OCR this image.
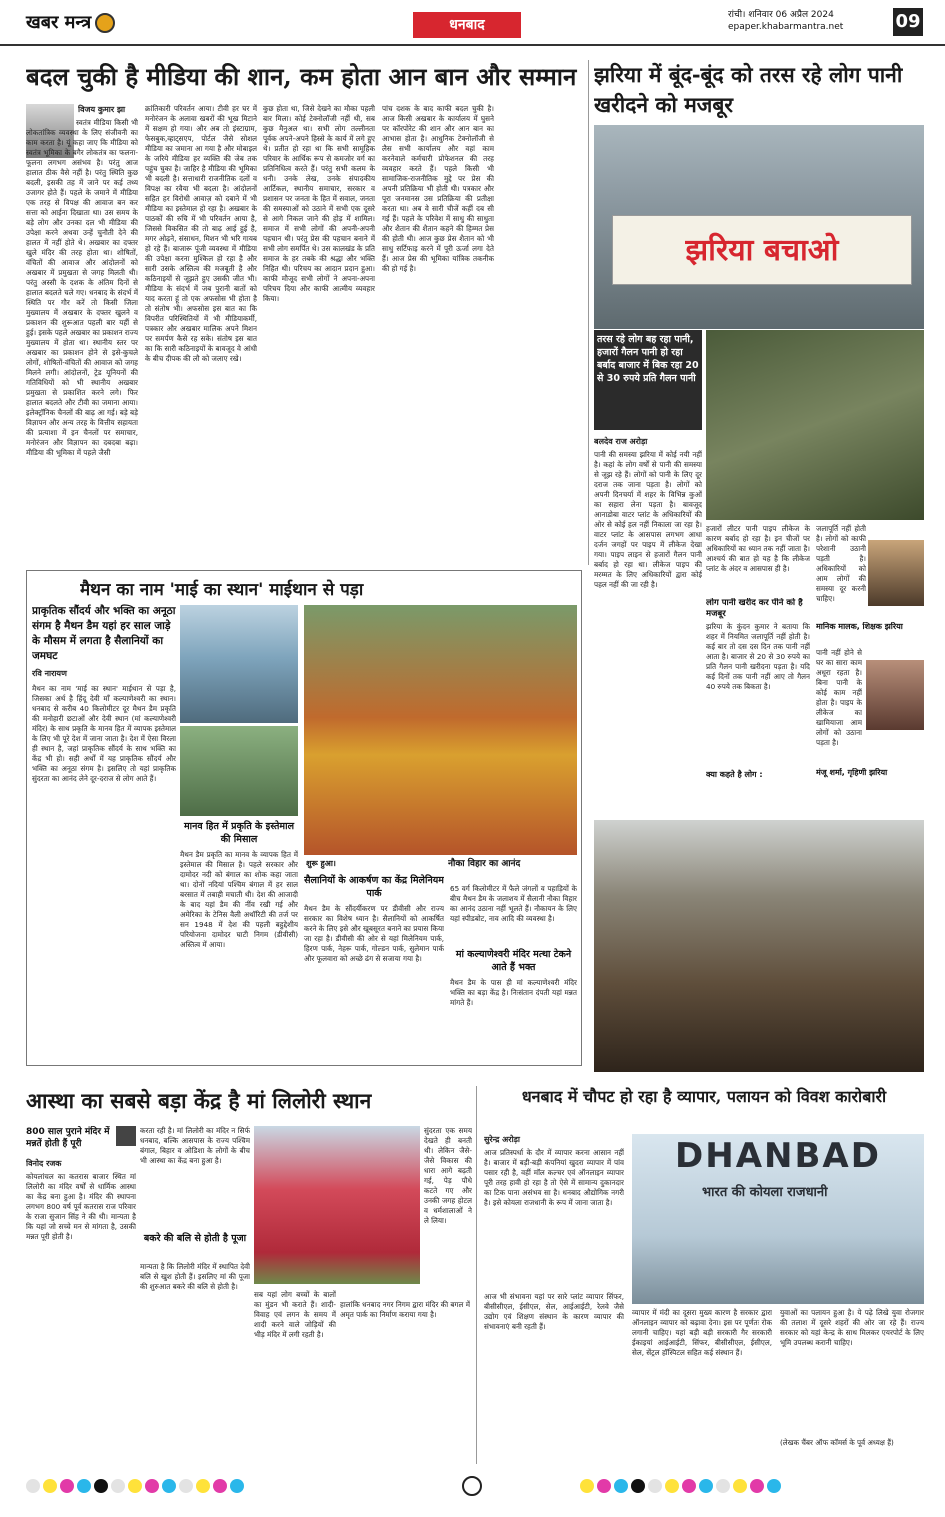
खबर मन्त्र	धनबाद
रांची। शनिवार 06 अप्रैल 2024
epaper.khabarmantra.net	09
बदल चुकी है मीडिया की शान, कम होता आन बान और सम्मान
विजय कुमार झा
स्वतंत्र मीडिया किसी भी लोकतांत्रिक व्यवस्था के लिए संजीवनी का काम करता है। यूं कहा जाए कि मीडिया को स्वतंत्र भूमिका के बगैर लोकतंत्र का फलना-फूलना लगभग असंभव है। परंतु आज हालात ठीक वैसे नहीं है। परंतु स्थिति कुछ बदली, इसकी तह में जाने पर कई तथ्य उजागर होते हैं। पहले के जमाने में मीडिया एक तरह से विपक्ष की आवाज बन कर सत्ता को आईना दिखाता था। उस समय के बड़े लोग और उनका दल भी मीडिया की उपेक्षा करने अथवा उन्हें चुनौती देने की हालत में नहीं होते थे। अखबार का दफ्तर खुले मंदिर की तरह होता था। शोषितों, वंचितों की आवाज और आंदोलनों को अखबार में प्रमुखता से जगह मिलती थी। परंतु अस्सी के दशक के अंतिम दिनों से हालात बदलते चले गए। धनबाद के संदर्भ में स्थिति पर गौर करें तो किसी जिला मुख्यालय में अखबार के दफ्तर खुलने व प्रकाशन की शुरूआत पहली बार यहीं से हुई। इसके पहले अखबार का प्रकाशन राज्य मुख्यालय में होता था। स्थानीय स्तर पर अखबार का प्रकाशन होने से इसे-कुचले लोगों, शोषितों-वंचितों की आवाज को जगह मिलने लगी। आंदोलनों, ट्रेड यूनियनों की गतिविधियों को भी स्थानीय अखबार प्रमुखता से प्रकाशित करने लगे। फिर हालात बदलते और टीवी का जमाना आया। इलेक्ट्रॉनिक चैनलों की बाढ़ आ गई। बड़े बड़े विज्ञापन और अन्य तरह के वित्तीय सहायता की प्रत्याशा में इन चैनलों पर समाचार, मनोरंजन और विज्ञापन का दबदबा बढ़ा। मीडिया की भूमिका में पहले जैसी
क्रांतिकारी परिवर्तन आया। टीवी हर घर में मनोरंजन के अलावा खबरों की भूख मिटाने में सक्षम हो गया। और अब तो इंस्टाग्राम, फेसबुक,व्हाट्सएप, पोर्टल जैसे सोशल मीडिया का जमाना आ गया है और मोबाइल के जरिये मीडिया हर व्यक्ति की जेब तक पहुंच चुका है। जाहिर है मीडिया की भूमिका भी बदली है। सत्ताधारी राजनीतिक दलों व विपक्ष का रवैया भी बदला है। आंदोलनों सहित हर विरोधी आवाज़ को दबाने में भी मीडिया का इस्तेमाल हो रहा है। अखबार के पाठकों की रुचि में भी परिवर्तन आया है, जिससे विकसित की तो बाढ़ आई हुई है, मगर ओढ़ने, संसाधन, मिशन भी भरि गायब हो रहे हैं। बाजारू पूंजी व्यवस्था में मीडिया की उपेक्षा करना मुश्किल हो रहा है और सारी उसके अस्तित्व की मजबूती है और कठिनाइयों से जूझते हुए उसकी जीत भी। मीडिया के संदर्भ में जब पुरानी बातों को याद करता हूं तो एक अफसोस भी होता है तो संतोष भी। अफसोस इस बात का कि विपरीत परिस्थितियों में भी मीडियाकर्मी, पत्रकार और अखबार मालिक अपने मिशन पर समर्पण कैसे रह सके। संतोष इस बात का कि सारी कठिनाइयों के बावजूद वे आंधी के बीच दीपक की लौ को जलाए रखे।
कुछ होता था, जिसे देखने का मौका पहली बार मिला। कोई टेक्नोलॉजी नहीं थी, सब कुछ मैनुअल था। सभी लोग तल्लीनता पूर्वक अपने-अपने हिस्से के कार्य में लगे हुए थे। प्रतीत हो रहा था कि सभी सामूहिक परिवार के आर्थिक रूप से कमजोर वर्ग का प्रतिनिधित्व करते हैं। परंतु सभी कलम के धनी। उनके लेख, उनके संपादकीय आर्टिकल, स्थानीय समाचार, सरकार व प्रशासन पर जनता के हित में सवाल, जनता की समस्याओं को उठाने में सभी एक दूसरे से आगे निकल जाने की होड़ में शामिल। समाज में सभी लोगों की अपनी-अपनी पहचान थी। परंतु प्रेस की पहचान बनाने में सभी लोग समर्पित थे। उस कालखंड के प्रति समाज के हर तबके की श्रद्धा और भक्ति निहित थी। परिचय का आदान प्रदान हुआ। काफी मौजूद सभी लोगों ने अपना-अपना परिचय दिया और काफी आत्मीय व्यवहार किया।
पांच दशक के बाद काफी बदल चुकी है। आज किसी अखबार के कार्यालय में घुसने पर कॉरपोरेट की शान और आन बान का आभास होता है। आधुनिक टेक्नोलॉजी से लैस सभी कार्यालय और वहां काम करनेवाले कर्मचारी प्रोफेशनल की तरह व्यवहार करते हैं। पहले किसी भी सामाजिक-राजनीतिक मुद्दे पर प्रेस की अपनी प्रतिक्रिया भी होती थी। पत्रकार और पूरा जनमानस उस प्रतिक्रिया की प्रतीक्षा करता था। अब वे सारी चीजें कहीं दब सी गई हैं। पहले के परिवेश में साधु की साधुता और शैतान की शैतान कहने की हिम्मत प्रेस की होती थी। आज कुछ प्रेस शैतान को भी साधु सर्टिफाइ करने में पूरी ऊर्जा लगा देते हैं। आज प्रेस की भूमिका यांत्रिक तकनीक की हो गई है।
झरिया में बूंद-बूंद को तरस रहे लोग पानी खरीदने को मजबूर
झरिया बचाओ
तरस रहे लोग बह रहा पानी, हजारों गैलन पानी हो रहा बर्बाद बाजार में बिक रहा 20 से 30 रुपये प्रति गैलन पानी
बलदेव राज अरोड़ा
पानी की समस्या झरिया में कोई नयी नहीं है। कहां के लोग वर्षों से पानी की समस्या से जूझ रहे हैं। लोगों को पानी के लिए दूर दराज तक जाना पड़ता है। लोगों को अपनी दिनचर्या में शहर के विभिन्न कुओं का सहारा लेना पड़ता है। बावजूद आनाडोबा वाटर प्लांट के अधिकारियों की ओर से कोई हल नहीं निकाला जा रहा है। वाटर प्लांट के आसपास लगभग आधा दर्जन जगहों पर पाइप में लीकेज देखा गया। पाइप लाइन से हजारों गैलन पानी बर्बाद हो रहा था। लीकेज पाइप की मरम्मत के लिए अधिकारियों द्वारा कोई पहल नहीं की जा रही है।
हजारों लीटर पानी पाइप लीकेज के कारण बर्बाद हो रहा है। इन चीजों पर अधिकारियों का ध्यान तक नहीं जाता है। आश्चर्य की बात हो यह है कि लीकेज प्लांट के अंदर व आसपास ही है।
लोग पानी खरीद कर पीने को है मजबूर
झरिया के कुंदन कुमार ने बताया कि शहर में नियमित जलापूर्ति नहीं होती है। कई बार तो दस दस दिन तक पानी नहीं आता है। बाजार से 20 से 30 रुपये का प्रति गैलन पानी खरीदना पड़ता है। यदि कई दिनों तक पानी नहीं आए तो गैलन 40 रुपये तक बिकता है।
क्या कहते है लोग :
जलापूर्ति नहीं होती है। लोगों को काफी परेशानी उठानी पड़ती है। अधिकारियों को आम लोगों की समस्या दूर करनी चाहिए।
मानिक मालक, शिक्षक झरिया
पानी नहीं होने से घर का सारा काम अधूरा रहता है। बिना पानी के कोई काम नहीं होता है। पाइप के लीकेज का खामियाजा आम लोगों को उठाना पड़ता है।
मंजू शर्मा, गृहिणी झरिया
मैथन का नाम 'माई का स्थान' माईथान से पड़ा
प्राकृतिक सौंदर्य और भक्ति का अनूठा संगम है मैथन डैम यहां हर साल जाड़े के मौसम में लगता है सैलानियों का जमघट
रवि नारायण
मैथन का नाम 'माई का स्थान' माईथान से पड़ा है, जिसका अर्थ है हिंदू देवी माँ कल्याणेश्वरी का स्थान। धनबाद से करीब 40 किलोमीटर दूर मैथन डैम प्रकृति की मनोहारी छटाओं और देवी स्थान (मां कल्याणेश्वरी मंदिर) के साथ प्रकृति के मानव हित में व्यापक इस्तेमाल के लिए भी पूरे देश में जाना जाता है। देश में ऐसा विरला ही स्थान है, जहां प्राकृतिक सौंदर्य के साथ भक्ति का केंद्र भी हो। सही अर्थों में यह प्राकृतिक सौंदर्य और भक्ति का अनूठा संगम है। इसलिए तो यहां प्राकृतिक सुंदरता का आनंद लेने दूर-दराज से लोग आते हैं।
मानव हित में प्रकृति के इस्तेमाल की मिसाल
मैथन डैम प्रकृति का मानव के व्यापक हित में इस्तेमाल की मिसाल है। पहले सरकार और दामोदर नदी को बंगाल का शोक कहा जाता था। दोनों नदियां पश्चिम बंगाल में हर साल बरसात में तबाही मचाती थी। देश की आजादी के बाद यहां डैम की नींव रखी गई और अमेरिका के टेनिस वैली अथॉरिटी की तर्ज पर सन 1948 में देश की पहली बहुद्देशीय परियोजना दामोदर घाटी निगम (डीवीसी) अस्तित्व में आया।
शुरू हुआ।	नौका विहार का आनंद
सैलानियों के आकर्षण का केंद्र मिलेनियम पार्क
मैथन डैम के सौंदर्यीकरण पर डीवीसी और राज्य सरकार का विशेष ध्यान है। सैलानियों को आकर्षित करने के लिए इसे और खूबसूरत बनाने का प्रयास किया जा रहा है। डीवीसी की ओर से यहां मिलेनियम पार्क, हिरण पार्क, नेहरू पार्क, गोल्डन पार्क, सुलेमान पार्क और फूलवारा को अच्छे ढंग से सजाया गया है।
65 वर्ग किलोमीटर में फैले जंगलों व पहाड़ियों के बीच मैथन डैम के जलाशय में सैलानी नौका विहार का आनंद उठाना नहीं भूलते हैं। नौकायन के लिए यहां स्पीडबोट, नाव आदि की व्यवस्था है।
मां कल्याणेश्वरी मंदिर मत्था टेकने आते हैं भक्त
मैथन डैम के पास ही मां कल्याणेश्वरी मंदिर भक्ति का बड़ा केंद्र है। निःसंतान दंपती यहां मन्नत मांगते हैं।
आस्था का सबसे बड़ा केंद्र है मां लिलोरी स्थान
800 साल पुराने मंदिर में मन्नतें होती हैं पूरी
विनोद रजक
कोयलांचल का कतरास बाजार स्थित मां लिलोरी का मंदिर वर्षों से धार्मिक आस्था का केंद्र बना हुआ है। मंदिर की स्थापना लगभग 800 वर्ष पूर्व कतरास राज परिवार के राजा सुजान सिंह ने की थी। मान्यता है कि यहां जो सच्चे मन से मांगता है, उसकी मन्नत पूरी होती है।
करता रही है। मां लिलोरी का मंदिर न सिर्फ धनबाद, बल्कि आसपास के राज्य पश्चिम बंगाल, बिहार व ओडिशा के लोगों के बीच भी आस्था का केंद्र बना हुआ है।
बकरे की बलि से होती है पूजा
मान्यता है कि लिलोरी मंदिर में स्थापित देवी बलि से खुश होती हैं। इसलिए मां की पूजा की शुरुआत बकरे की बलि से होती है।
सब यहां लोग बच्चों के बालों का मुंडन भी कराते हैं। शादी-विवाह एवं लगन के समय में शादी करने वाले जोड़ियों की भीड़ मंदिर में लगी रहती है।
सुंदरता एक समय देखते ही बनती थी। लेकिन जैसे-जैसे विकास की धारा आगे बढ़ती गई, पेड़ पौधे कटते गए और उनकी जगह होटल व धर्मशालाओं ने ले लिया।
हालांकि धनबाद नगर निगम द्वारा मंदिर की बगल में अमृत पार्क का निर्माण कराया गया है।
धनबाद में चौपट हो रहा है व्यापार, पलायन को विवश कारोबारी
सुरेन्द्र अरोड़ा
आज प्रतिस्पर्धा के दौर में व्यापार करना आसान नहीं है। बाजार में बड़ी-बड़ी कंपनियां खुदरा व्यापार में पांव पसार रही है, वहीं मॉल कल्चर एवं ऑनलाइन व्यापार पूरी तरह हावी हो रहा है तो ऐसे में सामान्य दुकानदार का टिक पाना असंभव सा है। धनबाद औद्योगिक नगरी है। इसे कोयला राजधानी के रूप में जाना जाता है।
आज भी संभावना यहां पर सारे प्लांट व्यापार सिंफर, बीसीसीएल, ईसीएल, सेल, आईआईटी, रेलवे जैसे उद्योग एवं शिक्षण संस्थान के कारण व्यापार की संभावनाएं बनी रहती हैं।
DHANBAD
भारत की कोयला राजधानी
व्यापार में मंदी का दूसरा मुख्य कारण है सरकार द्वारा ऑनलाइन व्यापार को बढ़ावा देना। इस पर पूर्णतः रोक लगानी चाहिए। यहां बड़ी बड़ी सरकारी गैर सरकारी ईकाइयां आईआईटी, सिंफर, बीसीसीएल, ईसीएल, सेल, सेंट्रल हॉस्पिटल सहित कई संस्थान हैं।
युवाओं का पलायन हुआ है। ये पढ़े लिखे युवा रोजगार की तलाश में दूसरे शहरों की ओर जा रहे हैं। राज्य सरकार को यहां केन्द्र के साथ मिलकर एयरपोर्ट के लिए भूमि उपलब्ध करानी चाहिए।
(लेखक चैंबर ऑफ कॉमर्स के पूर्व अध्यक्ष हैं)
